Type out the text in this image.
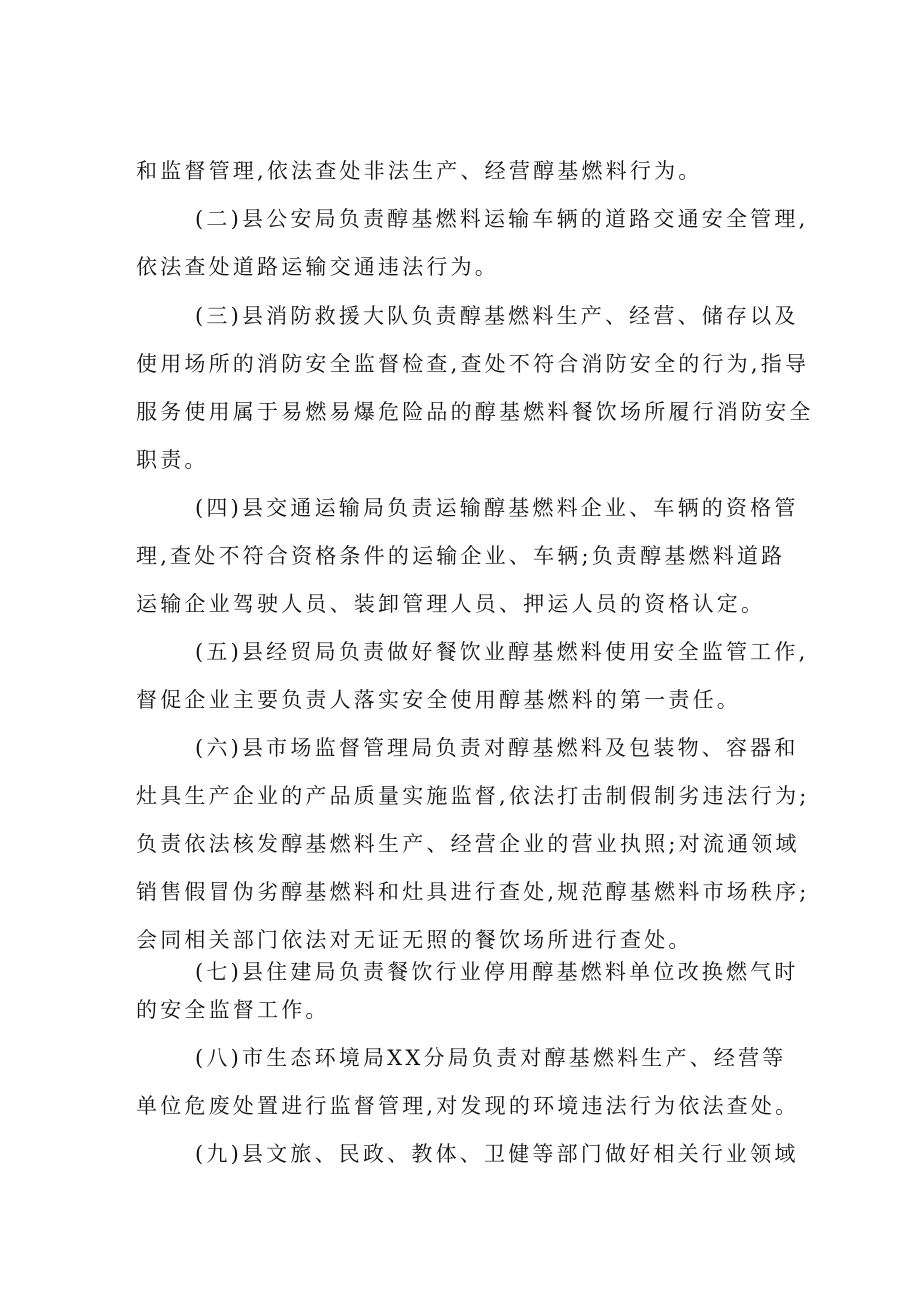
和监督管理,依法查处非法生产、经营醇基燃料行为。
(二)县公安局负责醇基燃料运输车辆的道路交通安全管理,
依法查处道路运输交通违法行为。
(三)县消防救援大队负责醇基燃料生产、经营、储存以及
使用场所的消防安全监督检查,查处不符合消防安全的行为,指导
服务使用属于易燃易爆危险品的醇基燃料餐饮场所履行消防安全
职责。
(四)县交通运输局负责运输醇基燃料企业、车辆的资格管
理,查处不符合资格条件的运输企业、车辆;负责醇基燃料道路
运输企业驾驶人员、装卸管理人员、押运人员的资格认定。
(五)县经贸局负责做好餐饮业醇基燃料使用安全监管工作,
督促企业主要负责人落实安全使用醇基燃料的第一责任。
(六)县市场监督管理局负责对醇基燃料及包装物、容器和
灶具生产企业的产品质量实施监督,依法打击制假制劣违法行为;
负责依法核发醇基燃料生产、经营企业的营业执照;对流通领域
销售假冒伪劣醇基燃料和灶具进行查处,规范醇基燃料市场秩序;
会同相关部门依法对无证无照的餐饮场所进行查处。
(七)县住建局负责餐饮行业停用醇基燃料单位改换燃气时
的安全监督工作。
(八)市生态环境局XX分局负责对醇基燃料生产、经营等
单位危废处置进行监督管理,对发现的环境违法行为依法查处。
(九)县文旅、民政、教体、卫健等部门做好相关行业领域
